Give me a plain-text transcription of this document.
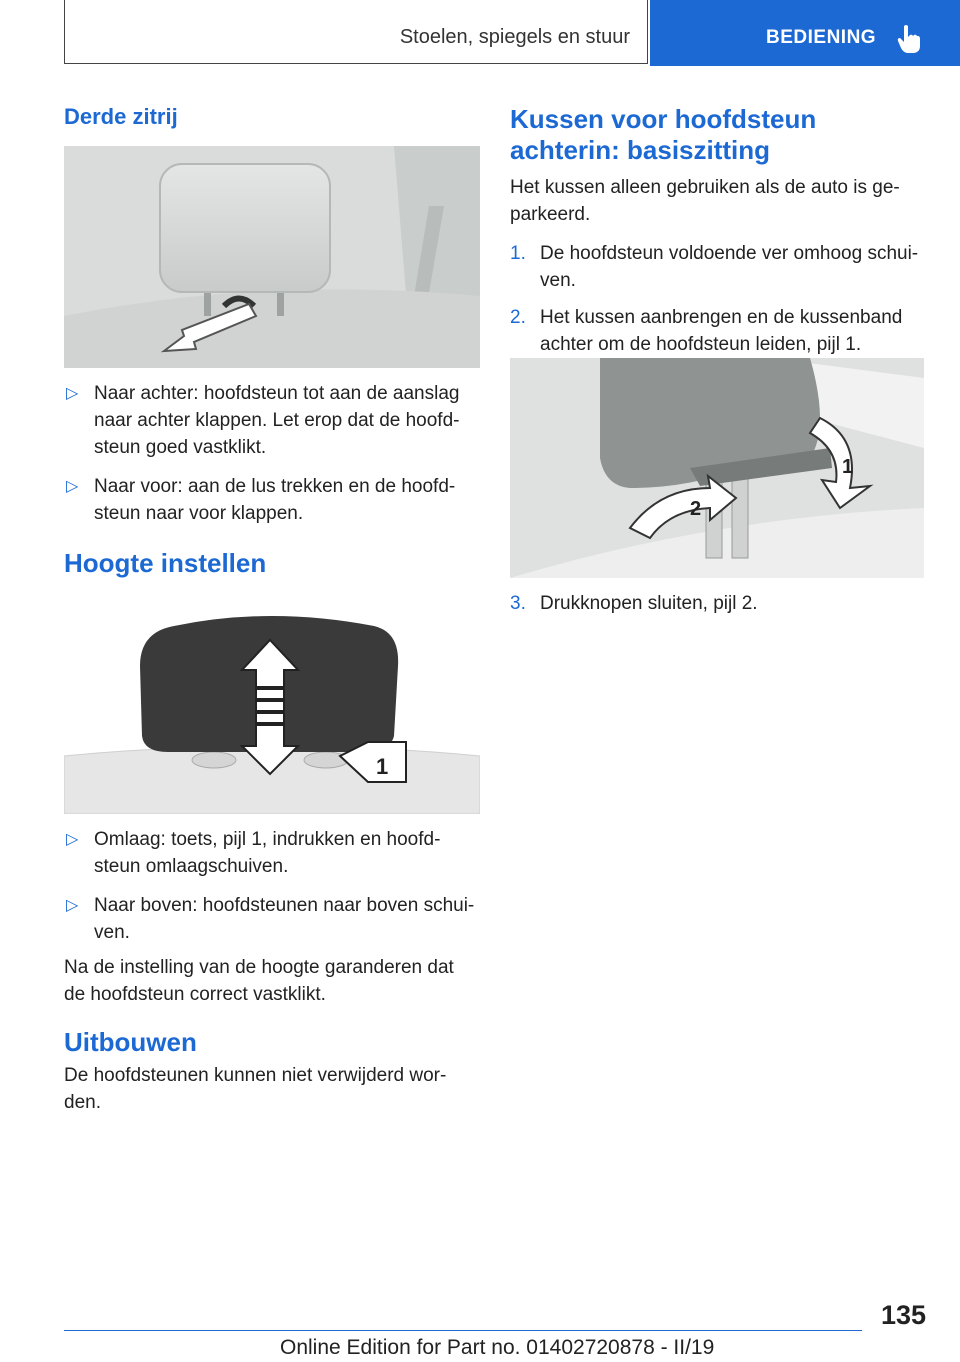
Stoelen, spiegels en stuur	BEDIENING
Derde zitrij
▷ Naar achter: hoofdsteun tot aan de aanslag naar achter klappen. Let erop dat de hoofd-steun goed vastklikt.
▷ Naar voor: aan de lus trekken en de hoofd-steun naar voor klappen.
Hoogte instellen
1
▷ Omlaag: toets, pijl 1, indrukken en hoofd-steun omlaagschuiven.
▷ Naar boven: hoofdsteunen naar boven schui-ven.

Na de instelling van de hoogte garanderen dat de hoofdsteun correct vastklikt.

Uitbouwen

De hoofdsteunen kunnen niet verwijderd wor-den.

Kussen voor hoofdsteun achterin: basiszitting

Het kussen alleen gebruiken als de auto is ge-parkeerd.

1. De hoofdsteun voldoende ver omhoog schui-ven.
2. Het kussen aanbrengen en de kussenband achter om de hoofdsteun leiden, pijl 1.
1
2
3. Drukknopen sluiten, pijl 2.
135
Online Edition for Part no. 01402720878 - II/19
